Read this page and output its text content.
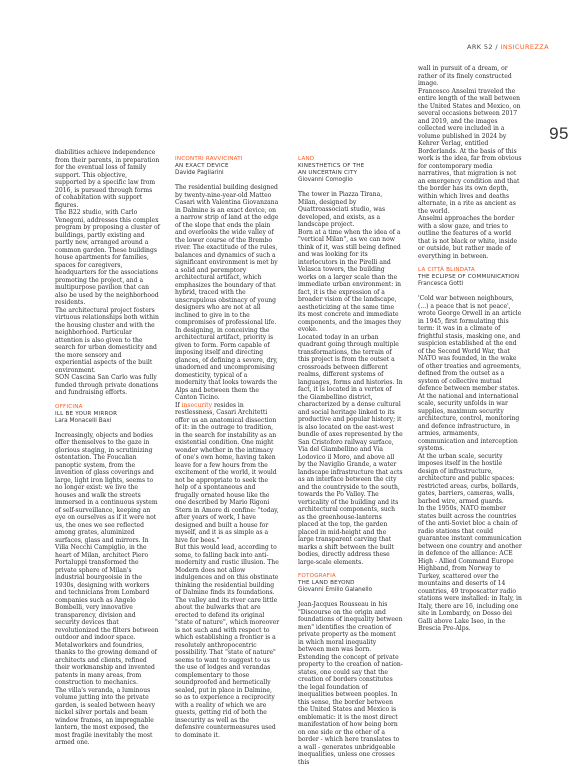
ARK 52 / INSICUREZZA
95

diabilities achieve independence from their parents, in preparation for the eventual loss of family support. This objective, supported by a specific law from 2016, is pursued through forms of cohabitation with support figures.

The B22 studio, with Carlo Venegoni, addresses this complex program by proposing a cluster of buildings, partly existing and partly new, arranged around a common garden. These buildings house apartments for families, spaces for caregivers, headquarters for the associations promoting the project, and a multipurpose pavilion that can also be used by the neighborhood residents.

The architectural project fosters virtuous relationships both within the housing cluster and with the neighborhood. Particular attention is also given to the search for urban domesticity and the more sensory and experiential aspects of the built environment.

SON Cascina San Carlo was fully funded through private donations and fundraising efforts.

OFFICINA
ILL BE YOUR MIRROR
Lara Monacelli Baxi

Increasingly, objects and bodies offer themselves to the gaze in glorious staging, in scrutinizing ostentation. The Foucalian panoptic system, from the invention of glass coverings and large, light iron lights, seems to no longer exist: we live the houses and walk the streets immersed in a continuous system of self-surveillance, keeping an eye on ourselves as if it were not us, the ones we see reflected among grates, aluminized surfaces, glass and mirrors. In Villa Necchi Campiglio, in the heart of Milan, architect Piero Portaluppi transformed the private sphere of Milan's industrial bourgeoisie in the 1930s, designing with workers and technicians from Lombard companies such as Angelo Bombelli, very innovative transparency, division and security devices that revolutionized the filters between outdoor and indoor space. Metalworkers and foundries, thanks to the growing demand of architects and clients, refined their workmanship and invented patents in many areas, from construction to mechanics.

The villa's veranda, a luminous volume jutting into the private garden, is sealed between heavy nickel silver portals and beam window frames, an impregnable lantern, the most exposed, the most fragile inevitably the most armed one.

INCONTRI RAVVICINATI
AN EXACT DEVICE
Davide Pagliarini

The residential building designed by twenty-nine-year-old Matteo Casari with Valentina Giovanzana in Dalmine is an exact device, on a narrow strip of land at the edge of the slope that ends the plain and overlooks the wide valley of the lower course of the Brembo river. The exactitude of the rules, balances and dynamics of such a significant environment is met by a solid and peremptory architectural artifact, which emphasizes the boundary of that hybrid, traced with the unscrupulous obstinacy of young designers who are not at all inclined to give in to the compromises of professional life.

In designing, in conceiving the architectural artifact, priority is given to form. Form capable of imposing itself and directing glances, of defining a severe, dry, unadorned and uncompromising domesticity, typical of a modernity that looks towards the Alps and between them the Canton Ticino.

If insecurity resides in restlessness, Casari Architetti offer us an anatomical dissection of it: in the outrage to tradition, in the search for instability as an existential condition. One might wonder whether in the intimacy of one's own home, having taken leave for a few hours from the excitement of the world, it would not be appropriate to seek the help of a spontaneous and frugally ornated house like the one described by Mario Rigoni Stern in Amore di confine: "today, after years of work, I have designed and built a house for myself, and it is as simple as a hive for bees."

But this would lead, according to some, to falling back into anti-modernity and rustic illusion. The Modern does not allow indulgences and on this obstinate thinking the residential building of Dalmine finds its foundations.

The valley and its river care little about the bulwarks that are erected to defend its original "state of nature", which moreover is not such and with respect to which establishing a frontier is a resolutely anthropocentric possibility. That "state of nature" seems to want to suggest to us the use of lodges and verandas complementary to those soundproofed and hermetically sealed, put in place in Dalmine, so as to experience a reciprocity with a reality of which we are guests, getting rid of both the insecurity as well as the defensive countermeasures used to dominate it.

LAND
KINESTHETICS OF THE
AN UNCERTAIN CITY
Giovanni Comoglio

The tower in Piazza Tirana, Milan, designed by Quattroassociati studio, was developed, and exists, as a landscape project.

Born at a time when the idea of a "vertical Milan", as we can now think of it, was still being defined and was looking for its interlocutors in the Pirelli and Velasca towers, the building works on a larger scale than the immediate urban environment: in fact, it is the expression of a broader vision of the landscape, aestheticizing at the same time its most concrete and immediate components, and the images they evoke.

Located today in an urban quadrant going through multiple transformations, the terrain of this project is from the outset a crossroads between different realms, different systems of languages, forms and histories. In fact, it is located in a vertex of the Giambellino district, characterized by a dense cultural and social heritage linked to its productive and popular history; it is also located on the east-west bundle of axes represented by the San Cristoforo railway surface, Via del Giambellino and Via Lodovico il Moro, and above all by the Naviglio Grande, a water landscape infrastructure that acts as an interface between the city and the countryside to the south, towards the Po Valley. The verticality of the building and its architectural components, such as the greenhouse-lanterns placed at the top, the garden placed in mid-height and the large transparent carving that marks a shift between the built bodies, directly address these large-scale elements.

FOTOGRAFIA
THE LAND BEYOND
Giovanni Emilio Galanello

Jean-Jacques Rousseau in his "Discourse on the origin and foundations of inequality between men" identifies the creation of private property as the moment in which moral inequality between men was born. Extending the concept of private property to the creation of nation-states, one could say that the creation of borders constitutes the legal foundation of inequalities between peoples. In this sense, the border between the United States and Mexico is emblematic: it is the most direct manifestation of how being born on one side or the other of a border - which here translates to a wall - generates unbridgeable inequalities, unless one crosses this

wall in pursuit of a dream, or rather of its finely constructed image.

Francesco Anselmi traveled the entire length of the wall between the United States and Mexico, on several occasions between 2017 and 2019, and the images collected were included in a volume published in 2024 by Kehrer Verlag, entitled Borderlands. At the basis of this work is the idea, far from obvious for contemporary media narratives, that migration is not an emergency condition and that the border has its own depth, within which lives and deaths alternate, in a rite as ancient as the world.

Anselmi approaches the border with a slow gaze, and tries to outline the features of a world that is not black or white, inside or outside, but rather made of everything in between.

LA CITTÀ BLINDATA
THE ECLIPSE OF COMMUNICATION
Francesca Gotti

'Cold war between neighbours, (...) a peace that is not peace', wrote George Orwell in an article in 1945, first formulating this term: it was in a climate of frightful stasis, masking one, and suspicion established at the end of the Second World War, that NATO was founded, in the wake of other treaties and agreements, defined from the outset as a system of collective mutual defence between member states.

At the national and international scale, security unfolds in war supplies, maximum security architecture, control, monitoring and defence infrastructure, in armies, armaments, communication and interception systems.

At the urban scale, security imposes itself in the hostile design of infrastructure, architecture and public spaces: restricted areas, curbs, bollards, gates, barriers, cameras, walls, barbed wire, armed guards.

In the 1950s, NATO member states built across the countries of the anti-Soviet bloc a chain of radio stations that could guarantee instant communication between one country and another in defence of the alliance: ACE High - Allied Command Europe Highband, from Norway to Turkey, scattered over the mountains and deserts of 14 countries, 49 troposcatter radio stations were installed: in Italy, in Italy, there are 16, including one site in Lombardy, on Dosso dei Galli above Lake Iseo, in the Brescia Pre-Alps.
